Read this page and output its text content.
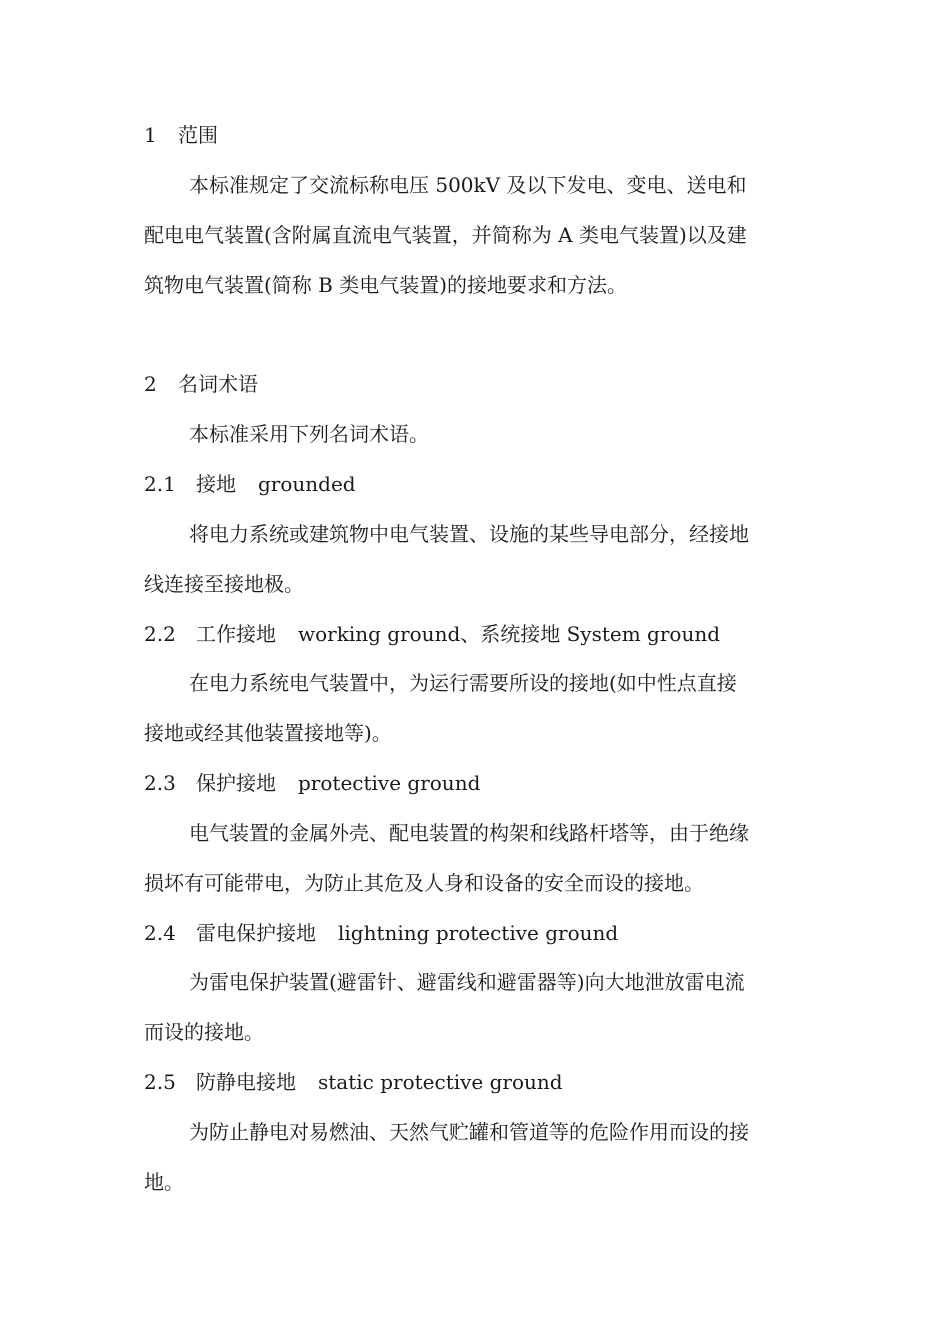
1 范围
本标准规定了交流标称电压 500kV 及以下发电、变电、送电和
配电电气装置(含附属直流电气装置，并简称为 A 类电气装置)以及建
筑物电气装置(简称 B 类电气装置)的接地要求和方法。
2 名词术语
本标准采用下列名词术语。
2.1 接地 grounded
将电力系统或建筑物中电气装置、设施的某些导电部分，经接地
线连接至接地极。
2.2 工作接地 working ground、系统接地 System ground
在电力系统电气装置中，为运行需要所设的接地(如中性点直接
接地或经其他装置接地等)。
2.3 保护接地 protective ground
电气装置的金属外壳、配电装置的构架和线路杆塔等，由于绝缘
损坏有可能带电，为防止其危及人身和设备的安全而设的接地。
2.4 雷电保护接地 lightning protective ground
为雷电保护装置(避雷针、避雷线和避雷器等)向大地泄放雷电流
而设的接地。
2.5 防静电接地 static protective ground
为防止静电对易燃油、天然气贮罐和管道等的危险作用而设的接
地。
